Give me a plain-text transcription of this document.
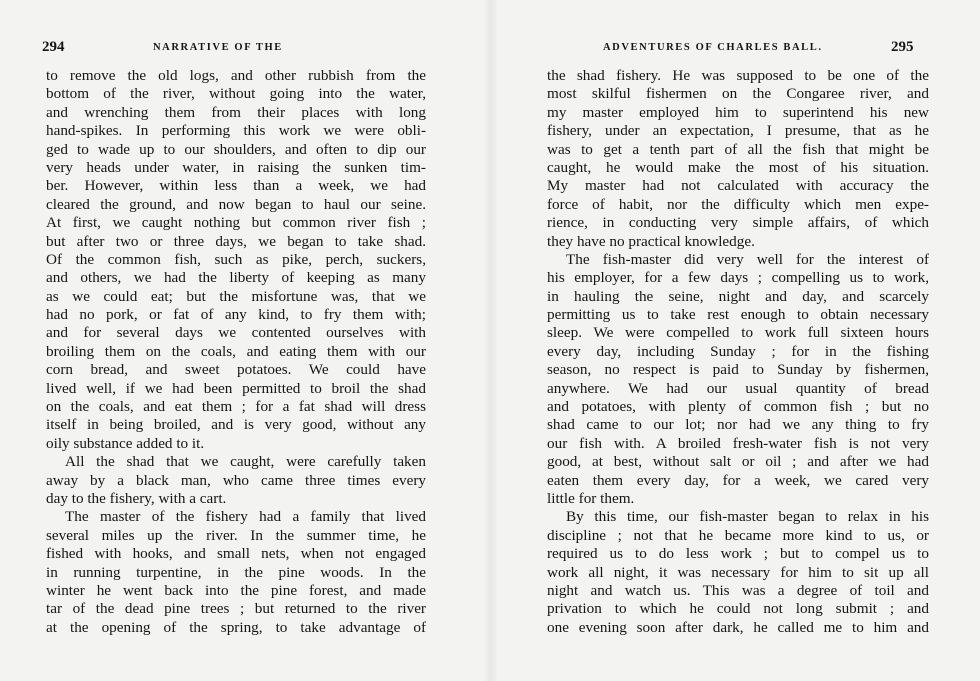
294	NARRATIVE OF THE
to remove the old logs, and other rubbish from the
bottom of the river, without going into the water,
and wrenching them from their places with long
hand-spikes. In performing this work we were obli-
ged to wade up to our shoulders, and often to dip our
very heads under water, in raising the sunken tim-
ber. However, within less than a week, we had
cleared the ground, and now began to haul our seine.
At first, we caught nothing but common river fish ;
but after two or three days, we began to take shad.
Of the common fish, such as pike, perch, suckers,
and others, we had the liberty of keeping as many
as we could eat; but the misfortune was, that we
had no pork, or fat of any kind, to fry them with;
and for several days we contented ourselves with
broiling them on the coals, and eating them with our
corn bread, and sweet potatoes. We could have
lived well, if we had been permitted to broil the shad
on the coals, and eat them ; for a fat shad will dress
itself in being broiled, and is very good, without any
oily substance added to it.
All the shad that we caught, were carefully taken
away by a black man, who came three times every
day to the fishery, with a cart.
The master of the fishery had a family that lived
several miles up the river. In the summer time, he
fished with hooks, and small nets, when not engaged
in running turpentine, in the pine woods. In the
winter he went back into the pine forest, and made
tar of the dead pine trees ; but returned to the river
at the opening of the spring, to take advantage of
ADVENTURES OF CHARLES BALL.	295
the shad fishery. He was supposed to be one of the
most skilful fishermen on the Congaree river, and
my master employed him to superintend his new
fishery, under an expectation, I presume, that as he
was to get a tenth part of all the fish that might be
caught, he would make the most of his situation.
My master had not calculated with accuracy the
force of habit, nor the difficulty which men expe-
rience, in conducting very simple affairs, of which
they have no practical knowledge.
The fish-master did very well for the interest of
his employer, for a few days ; compelling us to work,
in hauling the seine, night and day, and scarcely
permitting us to take rest enough to obtain necessary
sleep. We were compelled to work full sixteen hours
every day, including Sunday ; for in the fishing
season, no respect is paid to Sunday by fishermen,
anywhere. We had our usual quantity of bread
and potatoes, with plenty of common fish ; but no
shad came to our lot; nor had we any thing to fry
our fish with. A broiled fresh-water fish is not very
good, at best, without salt or oil ; and after we had
eaten them every day, for a week, we cared very
little for them.
By this time, our fish-master began to relax in his
discipline ; not that he became more kind to us, or
required us to do less work ; but to compel us to
work all night, it was necessary for him to sit up all
night and watch us. This was a degree of toil and
privation to which he could not long submit ; and
one evening soon after dark, he called me to him and
